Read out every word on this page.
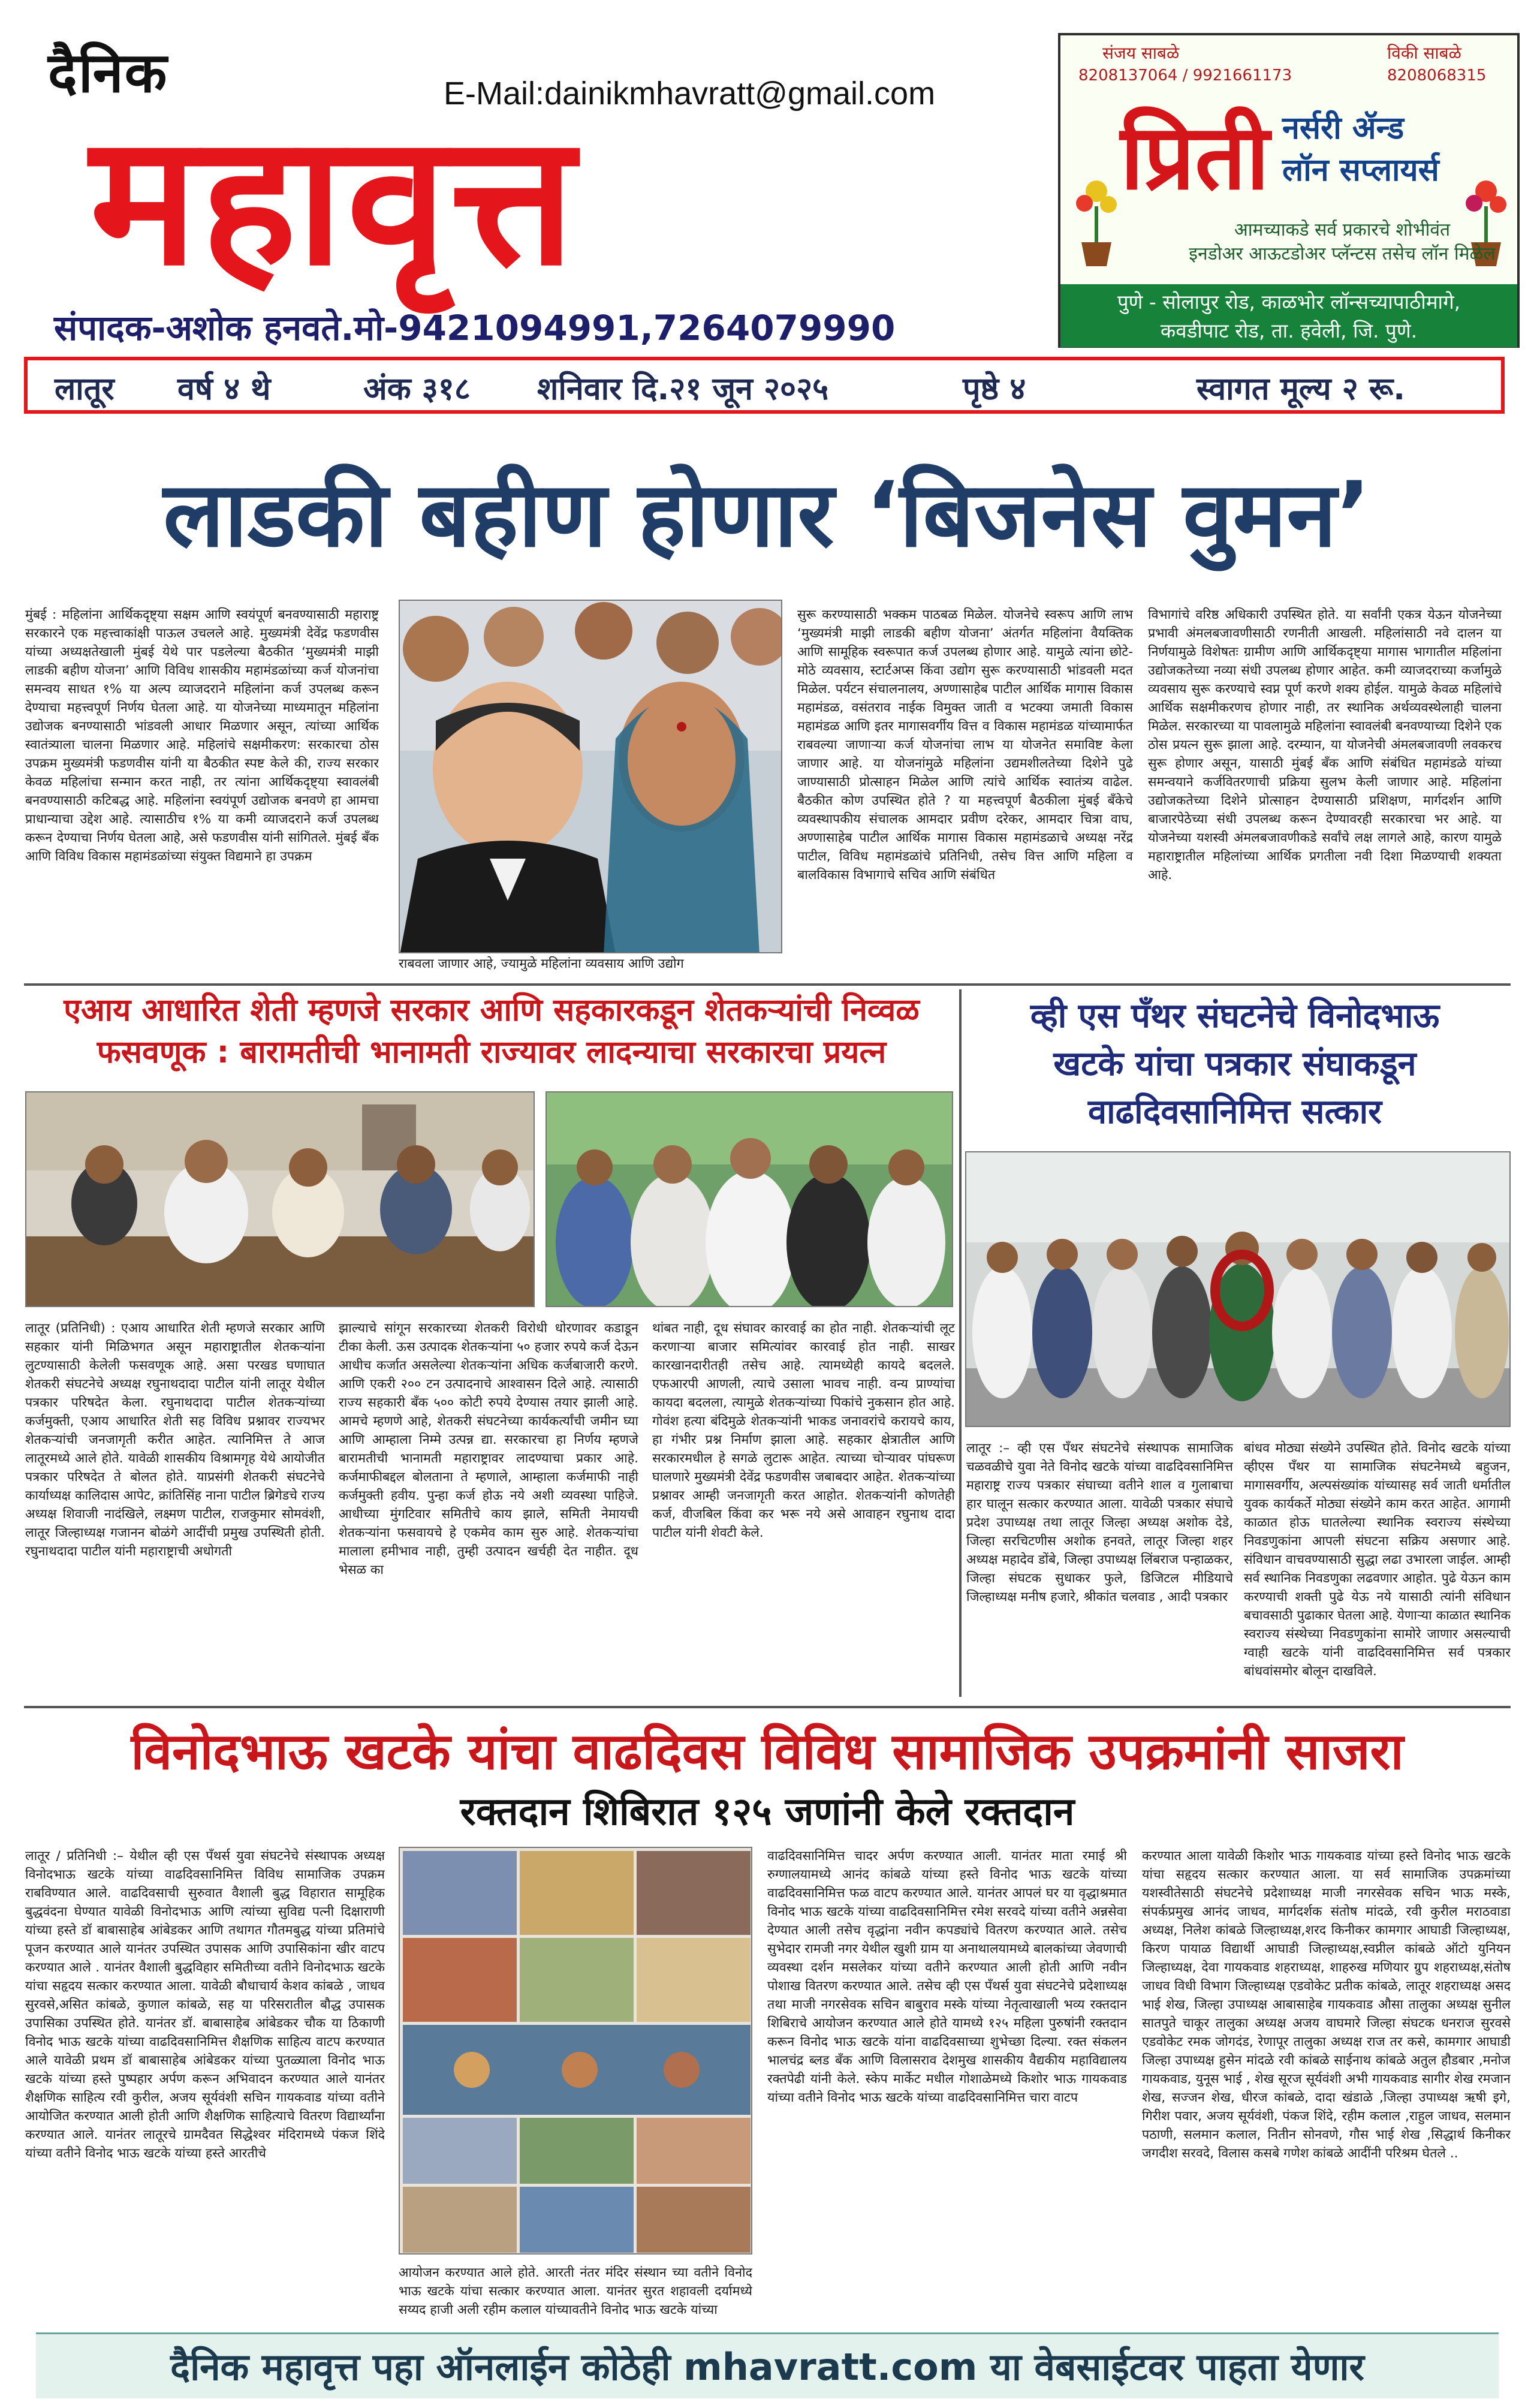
दैनिक	E-Mail:dainikmhavratt@gmail.com
महावृत्त
संपादक-अशोक हनवते.मो-9421094991,7264079990
संजय साबळे
8208137064 / 9921661173
विकी साबळे
8208068315
प्रिती नर्सरी ॲन्ड
लॉन सप्लायर्स
आमच्याकडे सर्व प्रकारचे शोभीवंत
इनडोअर आऊटडोअर प्लॅन्टस तसेच लॉन मिळेल
पुणे - सोलापुर रोड, काळभोर लॉन्सच्यापाठीमागे,
कवडीपाट रोड, ता. हवेली, जि. पुणे.
लातूर वर्ष ४ थे	अंक ३१८ शनिवार दि.२१ जून २०२५	पृष्ठे ४	स्वागत मूल्य २ रू.
लाडकी बहीण होणार ‘बिजनेस वुमन’
मुंबई : महिलांना आर्थिकदृष्ट्या सक्षम आणि स्वयंपूर्ण बनवण्यासाठी महाराष्ट्र सरकारने एक महत्त्वाकांक्षी पाऊल उचलले आहे. मुख्यमंत्री देवेंद्र फडणवीस यांच्या अध्यक्षतेखाली मुंबई येथे पार पडलेल्या बैठकीत ‘मुख्यमंत्री माझी लाडकी बहीण योजना’ आणि विविध शासकीय महामंडळांच्या कर्ज योजनांचा समन्वय साधत १% या अल्प व्याजदराने महिलांना कर्ज उपलब्ध करून देण्याचा महत्त्वपूर्ण निर्णय घेतला आहे. या योजनेच्या माध्यमातून महिलांना उद्योजक बनण्यासाठी भांडवली आधार मिळणार असून, त्यांच्या आर्थिक स्वातंत्र्याला चालना मिळणार आहे. महिलांचे सक्षमीकरण: सरकारचा ठोस उपक्रम मुख्यमंत्री फडणवीस यांनी या बैठकीत स्पष्ट केले की, राज्य सरकार केवळ महिलांचा सन्मान करत नाही, तर त्यांना आर्थिकदृष्ट्या स्वावलंबी बनवण्यासाठी कटिबद्ध आहे. महिलांना स्वयंपूर्ण उद्योजक बनवणे हा आमचा प्राधान्याचा उद्देश आहे. त्यासाठीच १% या कमी व्याजदराने कर्ज उपलब्ध करून देण्याचा निर्णय घेतला आहे, असे फडणवीस यांनी सांगितले. मुंबई बँक आणि विविध विकास महामंडळांच्या संयुक्त विद्यमाने हा उपक्रम
राबवला जाणार आहे, ज्यामुळे महिलांना व्यवसाय आणि उद्योग
सुरू करण्यासाठी भक्कम पाठबळ मिळेल. योजनेचे स्वरूप आणि लाभ ‘मुख्यमंत्री माझी लाडकी बहीण योजना’ अंतर्गत महिलांना वैयक्तिक आणि सामूहिक स्वरूपात कर्ज उपलब्ध होणार आहे. यामुळे त्यांना छोटे-मोठे व्यवसाय, स्टार्टअप्स किंवा उद्योग सुरू करण्यासाठी भांडवली मदत मिळेल. पर्यटन संचालनालय, अण्णासाहेब पाटील आर्थिक मागास विकास महामंडळ, वसंतराव नाईक विमुक्त जाती व भटक्या जमाती विकास महामंडळ आणि इतर मागासवर्गीय वित्त व विकास महामंडळ यांच्यामार्फत राबवल्या जाणाऱ्या कर्ज योजनांचा लाभ या योजनेत समाविष्ट केला जाणार आहे. या योजनांमुळे महिलांना उद्यमशीलतेच्या दिशेने पुढे जाण्यासाठी प्रोत्साहन मिळेल आणि त्यांचे आर्थिक स्वातंत्र्य वाढेल. बैठकीत कोण उपस्थित होते ? या महत्त्वपूर्ण बैठकीला मुंबई बँकेचे व्यवस्थापकीय संचालक आमदार प्रवीण दरेकर, आमदार चित्रा वाघ, अण्णासाहेब पाटील आर्थिक मागास विकास महामंडळाचे अध्यक्ष नरेंद्र पाटील, विविध महामंडळांचे प्रतिनिधी, तसेच वित्त आणि महिला व बालविकास विभागाचे सचिव आणि संबंधित
विभागांचे वरिष्ठ अधिकारी उपस्थित होते. या सर्वांनी एकत्र येऊन योजनेच्या प्रभावी अंमलबजावणीसाठी रणनीती आखली. महिलांसाठी नवे दालन या निर्णयामुळे विशेषतः ग्रामीण आणि आर्थिकदृष्ट्या मागास भागातील महिलांना उद्योजकतेच्या नव्या संधी उपलब्ध होणार आहेत. कमी व्याजदराच्या कर्जामुळे व्यवसाय सुरू करण्याचे स्वप्न पूर्ण करणे शक्य होईल. यामुळे केवळ महिलांचे आर्थिक सक्षमीकरणच होणार नाही, तर स्थानिक अर्थव्यवस्थेलाही चालना मिळेल. सरकारच्या या पावलामुळे महिलांना स्वावलंबी बनवण्याच्या दिशेने एक ठोस प्रयत्न सुरू झाला आहे. दरम्यान, या योजनेची अंमलबजावणी लवकरच सुरू होणार असून, यासाठी मुंबई बँक आणि संबंधित महामंडळे यांच्या समन्वयाने कर्जवितरणाची प्रक्रिया सुलभ केली जाणार आहे. महिलांना उद्योजकतेच्या दिशेने प्रोत्साहन देण्यासाठी प्रशिक्षण, मार्गदर्शन आणि बाजारपेठेच्या संधी उपलब्ध करून देण्यावरही सरकारचा भर आहे. या योजनेच्या यशस्वी अंमलबजावणीकडे सर्वांचे लक्ष लागले आहे, कारण यामुळे महाराष्ट्रातील महिलांच्या आर्थिक प्रगतीला नवी दिशा मिळण्याची शक्यता आहे.
एआय आधारित शेती म्हणजे सरकार आणि सहकारकडून शेतकऱ्यांची निव्वळ
फसवणूक : बारामतीची भानामती राज्यावर लादन्याचा सरकारचा प्रयत्न
लातूर (प्रतिनिधी) : एआय आधारित शेती म्हणजे सरकार आणि सहकार यांनी मिळिभगत असून महाराष्ट्रातील शेतकऱ्यांना लुटण्यासाठी केलेली फसवणूक आहे. असा परखड घणाघात शेतकरी संघटनेचे अध्यक्ष रघुनाथदादा पाटील यांनी लातूर येथील पत्रकार परिषदेत केला. रघुनाथदादा पाटील शेतकऱ्यांच्या कर्जमुक्ती, एआय आधारित शेती सह विविध प्रश्नावर राज्यभर शेतकऱ्यांची जनजागृती करीत आहेत. त्यानिमित्त ते आज लातूरमध्ये आले होते. यावेळी शासकीय विश्रामगृह येथे आयोजीत पत्रकार परिषदेत ते बोलत होते. याप्रसंगी शेतकरी संघटनेचे कार्याध्यक्ष कालिदास आपेट, क्रांतिसिंह नाना पाटील ब्रिगेडचे राज्य अध्यक्ष शिवाजी नादंखिले, लक्ष्मण पाटील, राजकुमार सोमवंशी, लातूर जिल्हाध्यक्ष गजानन बोळंगे आदींची प्रमुख उपस्थिती होती. रघुनाथदादा पाटील यांनी महाराष्ट्राची अधोगती
झाल्याचे सांगून सरकारच्या शेतकरी विरोधी धोरणावर कडाडून टीका केली. ऊस उत्पादक शेतकऱ्यांना ५० हजार रुपये कर्ज देऊन आधीच कर्जात असलेल्या शेतकऱ्यांना अधिक कर्जबाजारी करणे. आणि एकरी २०० टन उत्पादनाचे आश्वासन दिले आहे. त्यासाठी राज्य सहकारी बँक ५०० कोटी रुपये देण्यास तयार झाली आहे. आमचे म्हणणे आहे, शेतकरी संघटनेच्या कार्यकर्त्यांची जमीन घ्या आणि आम्हाला निम्मे उत्पन्न द्या. सरकारचा हा निर्णय म्हणजे बारामतीची भानामती महाराष्ट्रावर लादण्याचा प्रकार आहे. कर्जमाफीबद्दल बोलताना ते म्हणाले, आम्हाला कर्जमाफी नाही कर्जमुक्ती हवीय. पुन्हा कर्ज होऊ नये अशी व्यवस्था पाहिजे. आधीच्या मुंगटिवार समितीचे काय झाले, समिती नेमायची शेतकऱ्यांना फसवायचे हे एकमेव काम सुरु आहे. शेतकऱ्यांचा मालाला हमीभाव नाही, तुम्ही उत्पादन खर्चही देत नाहीत. दूध भेसळ का
थांबत नाही, दूध संघावर कारवाई का होत नाही. शेतकऱ्यांची लूट करणाऱ्या बाजार समित्यांवर कारवाई होत नाही. साखर कारखानदारीतही तसेच आहे. त्यामध्येही कायदे बदलले. एफआरपी आणली, त्याचे उसाला भावच नाही. वन्य प्राण्यांचा कायदा बदलला, त्यामुळे शेतकऱ्यांच्या पिकांचे नुकसान होत आहे. गोवंश हत्या बंदिमुळे शेतकऱ्यांनी भाकड जनावरांचे करायचे काय, हा गंभीर प्रश्न निर्माण झाला आहे. सहकार क्षेत्रातील आणि सरकारमधील हे सगळे लुटारू आहेत. त्याच्या चोऱ्यावर पांघरूण घालणारे मुख्यमंत्री देवेंद्र फडणवीस जबाबदार आहेत. शेतकऱ्यांच्या प्रश्नावर आम्ही जनजागृती करत आहोत. शेतकऱ्यांनी कोणतेही कर्ज, वीजबिल किंवा कर भरू नये असे आवाहन रघुनाथ दादा पाटील यांनी शेवटी केले.
व्ही एस पँथर संघटनेचे विनोदभाऊ
खटके यांचा पत्रकार संघाकडून
वाढदिवसानिमित्त सत्कार
लातूर :– व्ही एस पँथर संघटनेचे संस्थापक सामाजिक चळवळीचे युवा नेते विनोद खटके यांच्या वाढदिवसानिमित्त महाराष्ट्र राज्य पत्रकार संघाच्या वतीने शाल व गुलाबाचा हार घालून सत्कार करण्यात आला. यावेळी पत्रकार संघाचे प्रदेश उपाध्यक्ष तथा लातूर जिल्हा अध्यक्ष अशोक देडे, जिल्हा सरचिटणीस अशोक हनवते, लातूर जिल्हा शहर अध्यक्ष महादेव डोंबे, जिल्हा उपाध्यक्ष लिंबराज पन्हाळकर, जिल्हा संघटक सुधाकर फुले, डिजिटल मीडियाचे जिल्हाध्यक्ष मनीष हजारे, श्रीकांत चलवाड , आदी पत्रकार
बांधव मोठ्या संख्येने उपस्थित होते. विनोद खटके यांच्या व्हीएस पँथर या सामाजिक संघटनेमध्ये बहुजन, मागासवर्गीय, अल्पसंख्यांक यांच्यासह सर्व जाती धर्मातील युवक कार्यकर्ते मोठ्या संख्येने काम करत आहेत. आगामी काळात होऊ घातलेल्या स्थानिक स्वराज्य संस्थेच्या निवडणुकांना आपली संघटना सक्रिय असणार आहे. संविधान वाचवण्यासाठी सुद्धा लढा उभारला जाईल. आम्ही सर्व स्थानिक निवडणुका लढवणार आहोत. पुढे येऊन काम करण्याची शक्ती पुढे येऊ नये यासाठी त्यांनी संविधान बचावसाठी पुढाकार घेतला आहे. येणाऱ्या काळात स्थानिक स्वराज्य संस्थेच्या निवडणुकांना सामोरे जाणार असल्याची ग्वाही खटके यांनी वाढदिवसानिमित्त सर्व पत्रकार बांधवांसमोर बोलून दाखविले.
विनोदभाऊ खटके यांचा वाढदिवस विविध सामाजिक उपक्रमांनी साजरा
रक्तदान शिबिरात १२५ जणांनी केले रक्तदान
लातूर / प्रतिनिधी :– येथील व्ही एस पँथर्स युवा संघटनेचे संस्थापक अध्यक्ष विनोदभाऊ खटके यांच्या वाढदिवसानिमित्त विविध सामाजिक उपक्रम राबविण्यात आले. वाढदिवसाची सुरुवात वैशाली बुद्ध विहारात सामूहिक बुद्धवंदना घेण्यात यावेळी विनोदभाऊ आणि त्यांच्या सुविद्य पत्नी दिक्षाराणी यांच्या हस्ते डॉ बाबासाहेब आंबेडकर आणि तथागत गौतमबुद्ध यांच्या प्रतिमांचे पूजन करण्यात आले यानंतर उपस्थित उपासक आणि उपासिकांना खीर वाटप करण्यात आले . यानंतर वैशाली बुद्धविहार समितीच्या वतीने विनोदभाऊ खटके यांचा सहृदय सत्कार करण्यात आला. यावेळी बौधाचार्य केशव कांबळे , जाधव सुरवसे,असित कांबळे, कुणाल कांबळे, सह या परिसरातील बौद्ध उपासक उपासिका उपस्थित होते. यानंतर डॉ. बाबासाहेब आंबेडकर चौक या ठिकाणी विनोद भाऊ खटके यांच्या वाढदिवसानिमित्त शैक्षणिक साहित्य वाटप करण्यात आले यावेळी प्रथम डॉ बाबासाहेब आंबेडकर यांच्या पुतळ्याला विनोद भाऊ खटके यांच्या हस्ते पुष्पहार अर्पण करून अभिवादन करण्यात आले यानंतर शैक्षणिक साहित्य रवी कुरील, अजय सूर्यवंशी सचिन गायकवाड यांच्या वतीने आयोजित करण्यात आली होती आणि शैक्षणिक साहित्याचे वितरण विद्यार्थ्यांना करण्यात आले. यानंतर लातूरचे ग्रामदैवत सिद्धेश्वर मंदिरामध्ये पंकज शिंदे यांच्या वतीने विनोद भाऊ खटके यांच्या हस्ते आरतीचे
आयोजन करण्यात आले होते. आरती नंतर मंदिर संस्थान च्या वतीने विनोद भाऊ खटके यांचा सत्कार करण्यात आला. यानंतर सुरत शहावली दर्यामध्ये सय्यद हाजी अली रहीम कलाल यांच्यावतीने विनोद भाऊ खटके यांच्या
वाढदिवसानिमित्त चादर अर्पण करण्यात आली. यानंतर माता रमाई श्री रुग्णालयामध्ये आनंद कांबळे यांच्या हस्ते विनोद भाऊ खटके यांच्या वाढदिवसानिमित्त फळ वाटप करण्यात आले. यानंतर आपलं घर या वृद्धाश्रमात विनोद भाऊ खटके यांच्या वाढदिवसानिमित्त रमेश सरवदे यांच्या वतीने अन्नसेवा देण्यात आली तसेच वृद्धांना नवीन कपड्यांचे वितरण करण्यात आले. तसेच सुभेदार रामजी नगर येथील खुशी ग्राम या अनाथालयामध्ये बालकांच्या जेवणाची व्यवस्था दर्शन मसलेकर यांच्या वतीने करण्यात आली होती आणि नवीन पोशाख वितरण करण्यात आले. तसेच व्ही एस पँथर्स युवा संघटनेचे प्रदेशाध्यक्ष तथा माजी नगरसेवक सचिन बाबुराव मस्के यांच्या नेतृत्वाखाली भव्य रक्तदान शिबिराचे आयोजन करण्यात आले होते यामध्ये १२५ महिला पुरुषांनी रक्तदान करून विनोद भाऊ खटके यांना वाढदिवसाच्या शुभेच्छा दिल्या. रक्त संकलन भालचंद्र ब्लड बँक आणि विलासराव देशमुख शासकीय वैद्यकीय महाविद्यालय रक्तपेढी यांनी केले. स्केप मार्केट मधील गोशाळेमध्ये किशोर भाऊ गायकवाड यांच्या वतीने विनोद भाऊ खटके यांच्या वाढदिवसानिमित्त चारा वाटप
करण्यात आला यावेळी किशोर भाऊ गायकवाड यांच्या हस्ते विनोद भाऊ खटके यांचा सहृदय सत्कार करण्यात आला. या सर्व सामाजिक उपक्रमांच्या यशस्वीतेसाठी संघटनेचे प्रदेशाध्यक्ष माजी नगरसेवक सचिन भाऊ मस्के, संपर्कप्रमुख आनंद जाधव, मार्गदर्शक संतोष मांदळे, रवी कुरील मराठवाडा अध्यक्ष, निलेश कांबळे जिल्हाध्यक्ष,शरद किनीकर कामगार आघाडी जिल्हाध्यक्ष, किरण पायाळ विद्यार्थी आघाडी जिल्हाध्यक्ष,स्वप्नील कांबळे ऑटो युनियन जिल्हाध्यक्ष, देवा गायकवाड शहराध्यक्ष, शाहरुख मणियार ग्रुप शहराध्यक्ष,संतोष जाधव विधी विभाग जिल्हाध्यक्ष एडवोकेट प्रतीक कांबळे, लातूर शहराध्यक्ष असद भाई शेख, जिल्हा उपाध्यक्ष आबासाहेब गायकवाड औसा तालुका अध्यक्ष सुनील सातपुते चाकूर तालुका अध्यक्ष अजय वाघमारे जिल्हा संघटक धनराज सुरवसे एडवोकेट रमक जोगदंड, रेणापूर तालुका अध्यक्ष राज तर कसे, कामगार आघाडी जिल्हा उपाध्यक्ष हुसेन मांदळे रवी कांबळे साईनाथ कांबळे अतुल हौडबार ,मनोज गायकवाड, युनूस भाई , शेख सूरज सूर्यवंशी अभी गायकवाड सागीर शेख रमजान शेख, सज्जन शेख, धीरज कांबळे, दादा खंडाळे ,जिल्हा उपाध्यक्ष ऋषी इगे, गिरीश पवार, अजय सूर्यवंशी, पंकज शिंदे, रहीम कलाल ,राहुल जाधव, सलमान पठाणी, सलमान कलाल, नितीन सोनवणे, गौस भाई शेख ,सिद्धार्थ किनीकर जगदीश सरवदे, विलास कसबे गणेश कांबळे आदींनी परिश्रम घेतले ..
दैनिक महावृत्त पहा ऑनलाईन कोठेही mhavratt.com या वेबसाईटवर पाहता येणार
